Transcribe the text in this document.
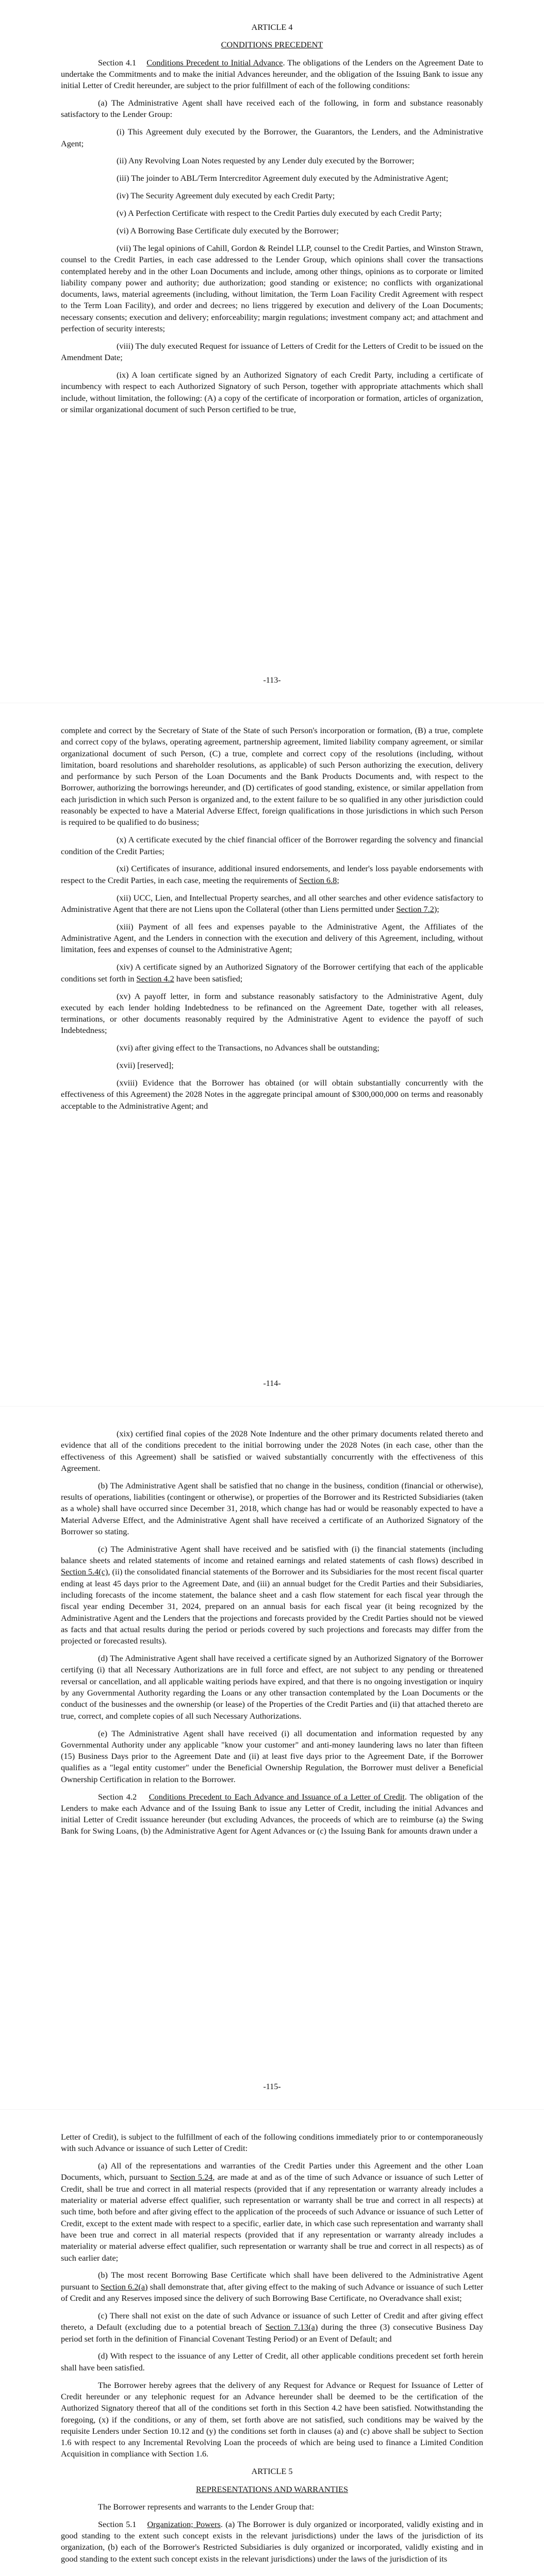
ARTICLE 4

CONDITIONS PRECEDENT

Section 4.1 Conditions Precedent to Initial Advance. The obligations of the Lenders on the Agreement Date to undertake the Commitments and to make the initial Advances hereunder, and the obligation of the Issuing Bank to issue any initial Letter of Credit hereunder, are subject to the prior fulfillment of each of the following conditions:

(a) The Administrative Agent shall have received each of the following, in form and substance reasonably satisfactory to the Lender Group:

(i) This Agreement duly executed by the Borrower, the Guarantors, the Lenders, and the Administrative Agent;

(ii) Any Revolving Loan Notes requested by any Lender duly executed by the Borrower;

(iii) The joinder to ABL/Term Intercreditor Agreement duly executed by the Administrative Agent;

(iv) The Security Agreement duly executed by each Credit Party;

(v) A Perfection Certificate with respect to the Credit Parties duly executed by each Credit Party;

(vi) A Borrowing Base Certificate duly executed by the Borrower;

(vii) The legal opinions of Cahill, Gordon & Reindel LLP, counsel to the Credit Parties, and Winston Strawn, counsel to the Credit Parties, in each case addressed to the Lender Group, which opinions shall cover the transactions contemplated hereby and in the other Loan Documents and include, among other things, opinions as to corporate or limited liability company power and authority; due authorization; good standing or existence; no conflicts with organizational documents, laws, material agreements (including, without limitation, the Term Loan Facility Credit Agreement with respect to the Term Loan Facility), and order and decrees; no liens triggered by execution and delivery of the Loan Documents; necessary consents; execution and delivery; enforceability; margin regulations; investment company act; and attachment and perfection of security interests;

(viii) The duly executed Request for issuance of Letters of Credit for the Letters of Credit to be issued on the Amendment Date;

(ix) A loan certificate signed by an Authorized Signatory of each Credit Party, including a certificate of incumbency with respect to each Authorized Signatory of such Person, together with appropriate attachments which shall include, without limitation, the following: (A) a copy of the certificate of incorporation or formation, articles of organization, or similar organizational document of such Person certified to be true,

-113-

complete and correct by the Secretary of State of the State of such Person's incorporation or formation, (B) a true, complete and correct copy of the bylaws, operating agreement, partnership agreement, limited liability company agreement, or similar organizational document of such Person, (C) a true, complete and correct copy of the resolutions (including, without limitation, board resolutions and shareholder resolutions, as applicable) of such Person authorizing the execution, delivery and performance by such Person of the Loan Documents and the Bank Products Documents and, with respect to the Borrower, authorizing the borrowings hereunder, and (D) certificates of good standing, existence, or similar appellation from each jurisdiction in which such Person is organized and, to the extent failure to be so qualified in any other jurisdiction could reasonably be expected to have a Material Adverse Effect, foreign qualifications in those jurisdictions in which such Person is required to be qualified to do business;

(x) A certificate executed by the chief financial officer of the Borrower regarding the solvency and financial condition of the Credit Parties;

(xi) Certificates of insurance, additional insured endorsements, and lender's loss payable endorsements with respect to the Credit Parties, in each case, meeting the requirements of Section 6.8;

(xii) UCC, Lien, and Intellectual Property searches, and all other searches and other evidence satisfactory to Administrative Agent that there are not Liens upon the Collateral (other than Liens permitted under Section 7.2);

(xiii) Payment of all fees and expenses payable to the Administrative Agent, the Affiliates of the Administrative Agent, and the Lenders in connection with the execution and delivery of this Agreement, including, without limitation, fees and expenses of counsel to the Administrative Agent;

(xiv) A certificate signed by an Authorized Signatory of the Borrower certifying that each of the applicable conditions set forth in Section 4.2 have been satisfied;

(xv) A payoff letter, in form and substance reasonably satisfactory to the Administrative Agent, duly executed by each lender holding Indebtedness to be refinanced on the Agreement Date, together with all releases, terminations, or other documents reasonably required by the Administrative Agent to evidence the payoff of such Indebtedness;

(xvi) after giving effect to the Transactions, no Advances shall be outstanding;

(xvii) [reserved];

(xviii) Evidence that the Borrower has obtained (or will obtain substantially concurrently with the effectiveness of this Agreement) the 2028 Notes in the aggregate principal amount of $300,000,000 on terms and reasonably acceptable to the Administrative Agent; and

-114-

(xix) certified final copies of the 2028 Note Indenture and the other primary documents related thereto and evidence that all of the conditions precedent to the initial borrowing under the 2028 Notes (in each case, other than the effectiveness of this Agreement) shall be satisfied or waived substantially concurrently with the effectiveness of this Agreement.

(b) The Administrative Agent shall be satisfied that no change in the business, condition (financial or otherwise), results of operations, liabilities (contingent or otherwise), or properties of the Borrower and its Restricted Subsidiaries (taken as a whole) shall have occurred since December 31, 2018, which change has had or would be reasonably expected to have a Material Adverse Effect, and the Administrative Agent shall have received a certificate of an Authorized Signatory of the Borrower so stating.

(c) The Administrative Agent shall have received and be satisfied with (i) the financial statements (including balance sheets and related statements of income and retained earnings and related statements of cash flows) described in Section 5.4(c), (ii) the consolidated financial statements of the Borrower and its Subsidiaries for the most recent fiscal quarter ending at least 45 days prior to the Agreement Date, and (iii) an annual budget for the Credit Parties and their Subsidiaries, including forecasts of the income statement, the balance sheet and a cash flow statement for each fiscal year through the fiscal year ending December 31, 2024, prepared on an annual basis for each fiscal year (it being recognized by the Administrative Agent and the Lenders that the projections and forecasts provided by the Credit Parties should not be viewed as facts and that actual results during the period or periods covered by such projections and forecasts may differ from the projected or forecasted results).

(d) The Administrative Agent shall have received a certificate signed by an Authorized Signatory of the Borrower certifying (i) that all Necessary Authorizations are in full force and effect, are not subject to any pending or threatened reversal or cancellation, and all applicable waiting periods have expired, and that there is no ongoing investigation or inquiry by any Governmental Authority regarding the Loans or any other transaction contemplated by the Loan Documents or the conduct of the businesses and the ownership (or lease) of the Properties of the Credit Parties and (ii) that attached thereto are true, correct, and complete copies of all such Necessary Authorizations.

(e) The Administrative Agent shall have received (i) all documentation and information requested by any Governmental Authority under any applicable "know your customer" and anti-money laundering laws no later than fifteen (15) Business Days prior to the Agreement Date and (ii) at least five days prior to the Agreement Date, if the Borrower qualifies as a "legal entity customer" under the Beneficial Ownership Regulation, the Borrower must deliver a Beneficial Ownership Certification in relation to the Borrower.

Section 4.2 Conditions Precedent to Each Advance and Issuance of a Letter of Credit. The obligation of the Lenders to make each Advance and of the Issuing Bank to issue any Letter of Credit, including the initial Advances and initial Letter of Credit issuance hereunder (but excluding Advances, the proceeds of which are to reimburse (a) the Swing Bank for Swing Loans, (b) the Administrative Agent for Agent Advances or (c) the Issuing Bank for amounts drawn under a

-115-

Letter of Credit), is subject to the fulfillment of each of the following conditions immediately prior to or contemporaneously with such Advance or issuance of such Letter of Credit:

(a) All of the representations and warranties of the Credit Parties under this Agreement and the other Loan Documents, which, pursuant to Section 5.24, are made at and as of the time of such Advance or issuance of such Letter of Credit, shall be true and correct in all material respects (provided that if any representation or warranty already includes a materiality or material adverse effect qualifier, such representation or warranty shall be true and correct in all respects) at such time, both before and after giving effect to the application of the proceeds of such Advance or issuance of such Letter of Credit, except to the extent made with respect to a specific, earlier date, in which case such representation and warranty shall have been true and correct in all material respects (provided that if any representation or warranty already includes a materiality or material adverse effect qualifier, such representation or warranty shall be true and correct in all respects) as of such earlier date;

(b) The most recent Borrowing Base Certificate which shall have been delivered to the Administrative Agent pursuant to Section 6.2(a) shall demonstrate that, after giving effect to the making of such Advance or issuance of such Letter of Credit and any Reserves imposed since the delivery of such Borrowing Base Certificate, no Overadvance shall exist;

(c) There shall not exist on the date of such Advance or issuance of such Letter of Credit and after giving effect thereto, a Default (excluding due to a potential breach of Section 7.13(a) during the three (3) consecutive Business Day period set forth in the definition of Financial Covenant Testing Period) or an Event of Default; and

(d) With respect to the issuance of any Letter of Credit, all other applicable conditions precedent set forth herein shall have been satisfied.

The Borrower hereby agrees that the delivery of any Request for Advance or Request for Issuance of Letter of Credit hereunder or any telephonic request for an Advance hereunder shall be deemed to be the certification of the Authorized Signatory thereof that all of the conditions set forth in this Section 4.2 have been satisfied. Notwithstanding the foregoing, (x) if the conditions, or any of them, set forth above are not satisfied, such conditions may be waived by the requisite Lenders under Section 10.12 and (y) the conditions set forth in clauses (a) and (c) above shall be subject to Section 1.6 with respect to any Incremental Revolving Loan the proceeds of which are being used to finance a Limited Condition Acquisition in compliance with Section 1.6.

ARTICLE 5

REPRESENTATIONS AND WARRANTIES

The Borrower represents and warrants to the Lender Group that:

Section 5.1 Organization; Powers. (a) The Borrower is duly organized or incorporated, validly existing and in good standing to the extent such concept exists in the relevant jurisdictions) under the laws of the jurisdiction of its organization, (b) each of the Borrower's Restricted Subsidiaries is duly organized or incorporated, validly existing and in good standing to the extent such concept exists in the relevant jurisdictions) under the laws of the jurisdiction of its
